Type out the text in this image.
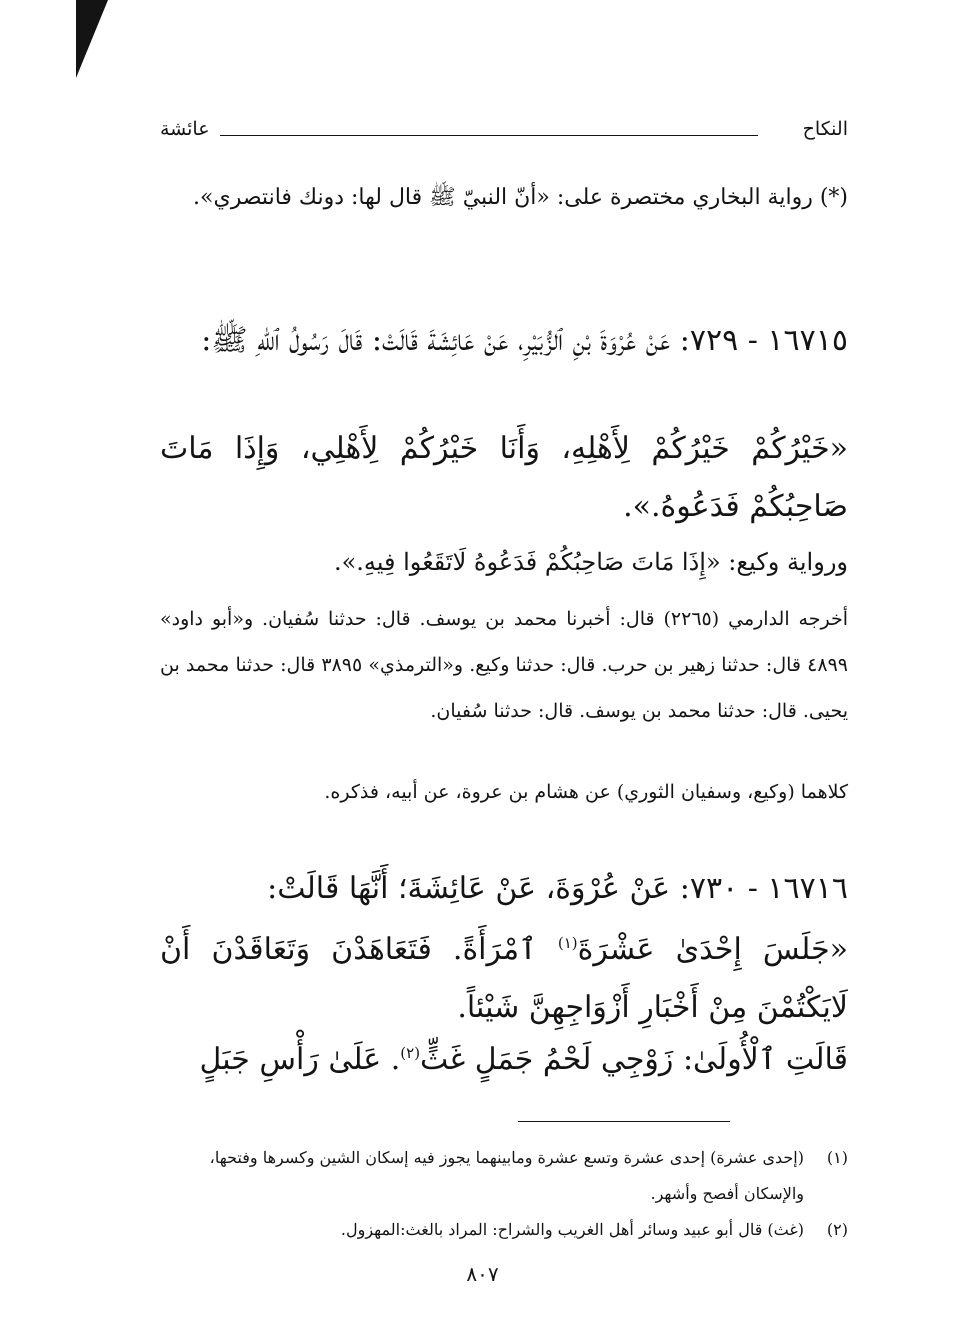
النكاح
عائشة
(*) رواية البخاري مختصرة على: «أنّ النبيّ ﷺ قال لها: دونك فانتصري».
١٦٧١٥ - ٧٢٩: عَنْ عُرْوَةَ بْنِ ٱلزُّبَيْرِ، عَنْ عَائِشَةَ قَالَتْ: قَالَ رَسُولُ ٱللهِ ﷺ:
«خَيْرُكُمْ خَيْرُكُمْ لِأَهْلِهِ، وَأَنَا خَيْرُكُمْ لِأَهْلِي، وَإِذَا مَاتَ صَاحِبُكُمْ فَدَعُوهُ.».
ورواية وكيع: «إِذَا مَاتَ صَاحِبُكُمْ فَدَعُوهُ لَاتَقَعُوا فِيهِ.».
أخرجه الدارمي (٢٢٦٥) قال: أخبرنا محمد بن يوسف. قال: حدثنا سُفيان. و«أبو داود» ٤٨٩٩ قال: حدثنا زهير بن حرب. قال: حدثنا وكيع. و«الترمذي» ٣٨٩٥ قال: حدثنا محمد بن يحيى. قال: حدثنا محمد بن يوسف. قال: حدثنا سُفيان.
كلاهما (وكيع، وسفيان الثوري) عن هشام بن عروة، عن أبيه، فذكره.
١٦٧١٦ - ٧٣٠: عَنْ عُرْوَةَ، عَنْ عَائِشَةَ؛ أَنَّهَا قَالَتْ:
«جَلَسَ إِحْدَىٰ عَشْرَةَ$^{(١)}$ ٱمْرَأَةً. فَتَعَاهَدْنَ وَتَعَاقَدْنَ أَنْ لَايَكْتُمْنَ مِنْ أَخْبَارِ أَزْوَاجِهِنَّ شَيْئاً.
قَالَتِ ٱلْأُولَىٰ: زَوْجِي لَحْمُ جَمَلٍ غَثٍّ$^{(٢)}$. عَلَىٰ رَأْسِ جَبَلٍ
(١)
(إحدى عشرة) إحدى عشرة وتسع عشرة ومابينهما يجوز فيه إسكان الشين وكسرها وفتحها، والإسكان أفصح وأشهر.
(٢)
(غث) قال أبو عبيد وسائر أهل الغريب والشراح: المراد بالغث:المهزول.
٨٠٧
